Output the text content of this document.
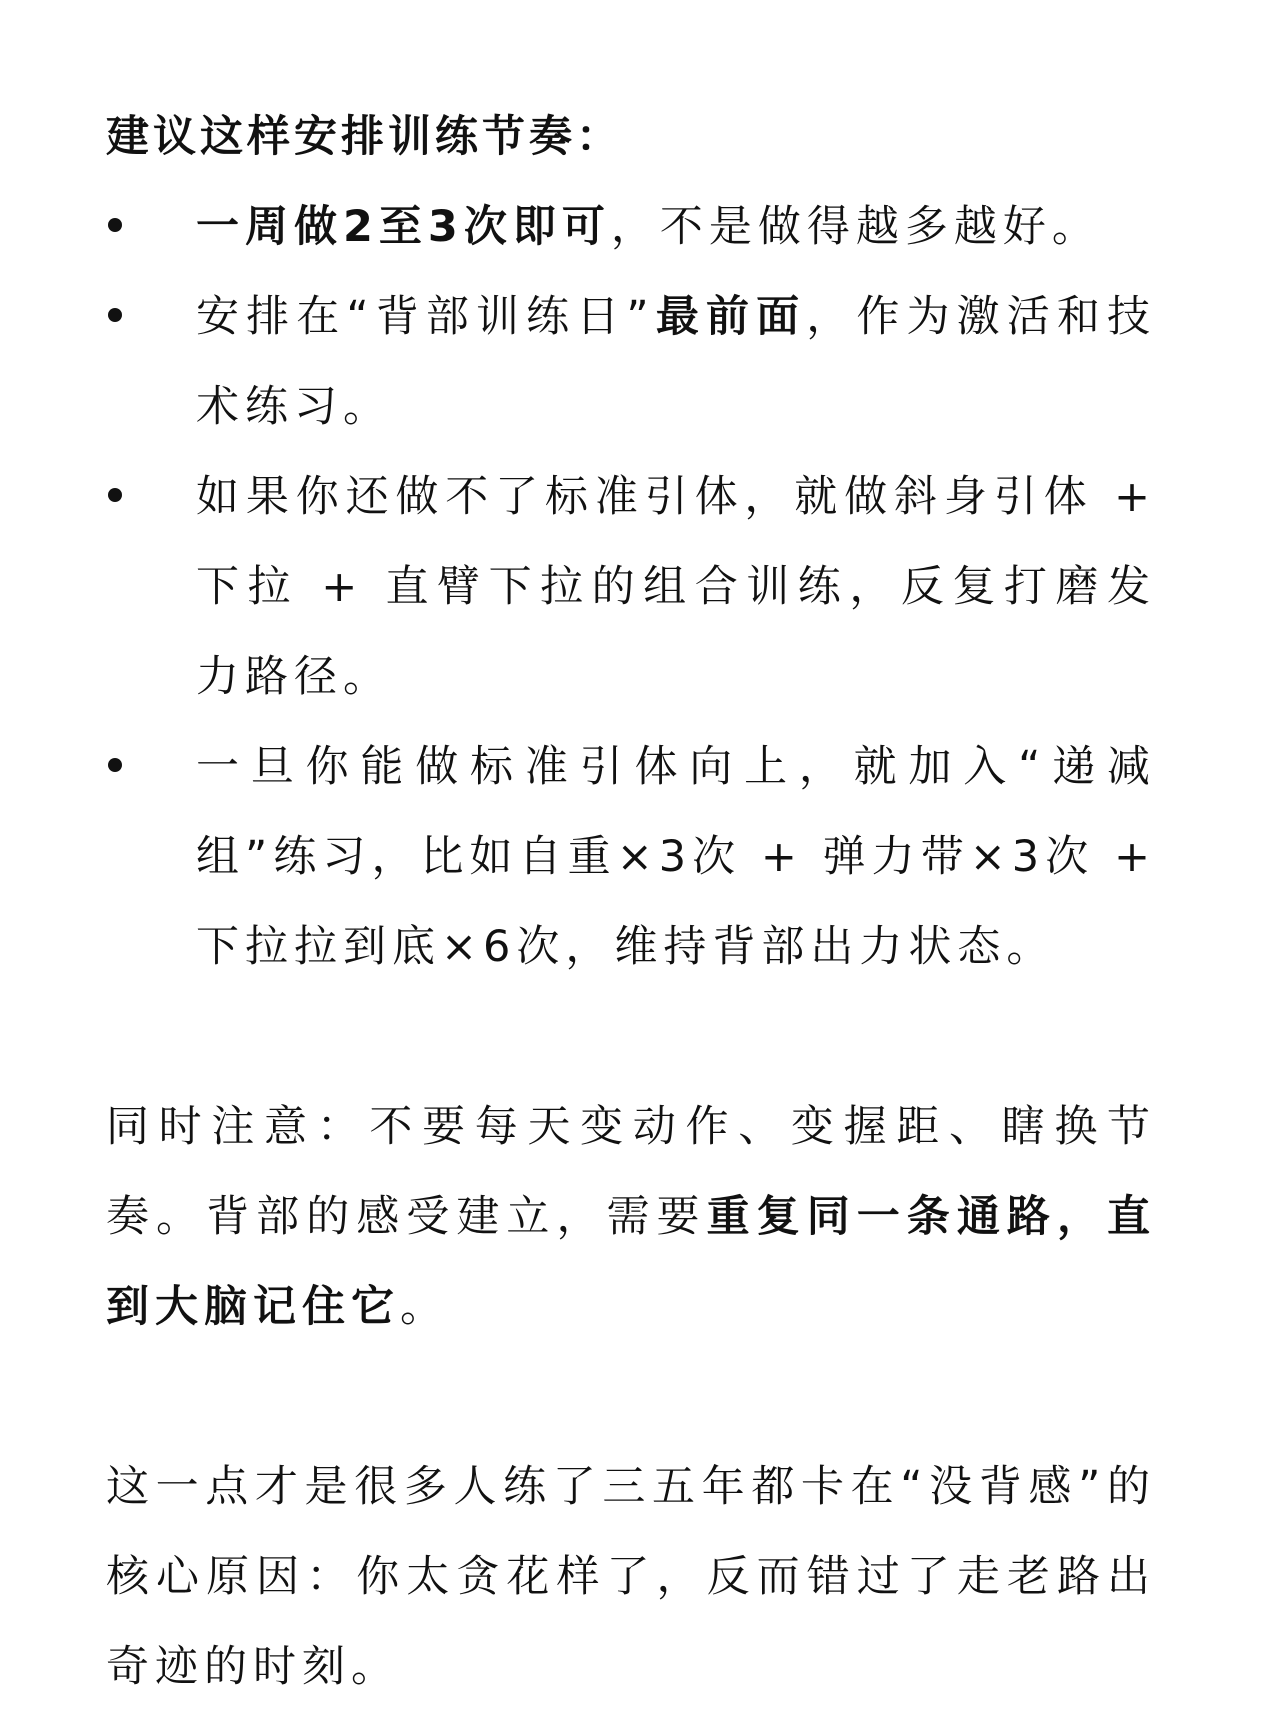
建议这样安排训练节奏：

一周做2至3次即可，不是做得越多越好。
安排在“背部训练日”最前面，作为激活和技术练习。
如果你还做不了标准引体，就做斜身引体 + 下拉 + 直臂下拉的组合训练，反复打磨发力路径。
一旦你能做标准引体向上，就加入“递减组”练习，比如自重×3次 + 弹力带×3次 + 下拉拉到底×6次，维持背部出力状态。

同时注意：不要每天变动作、变握距、瞎换节奏。背部的感受建立，需要重复同一条通路，直到大脑记住它。

这一点才是很多人练了三五年都卡在“没背感”的核心原因：你太贪花样了，反而错过了走老路出奇迹的时刻。
